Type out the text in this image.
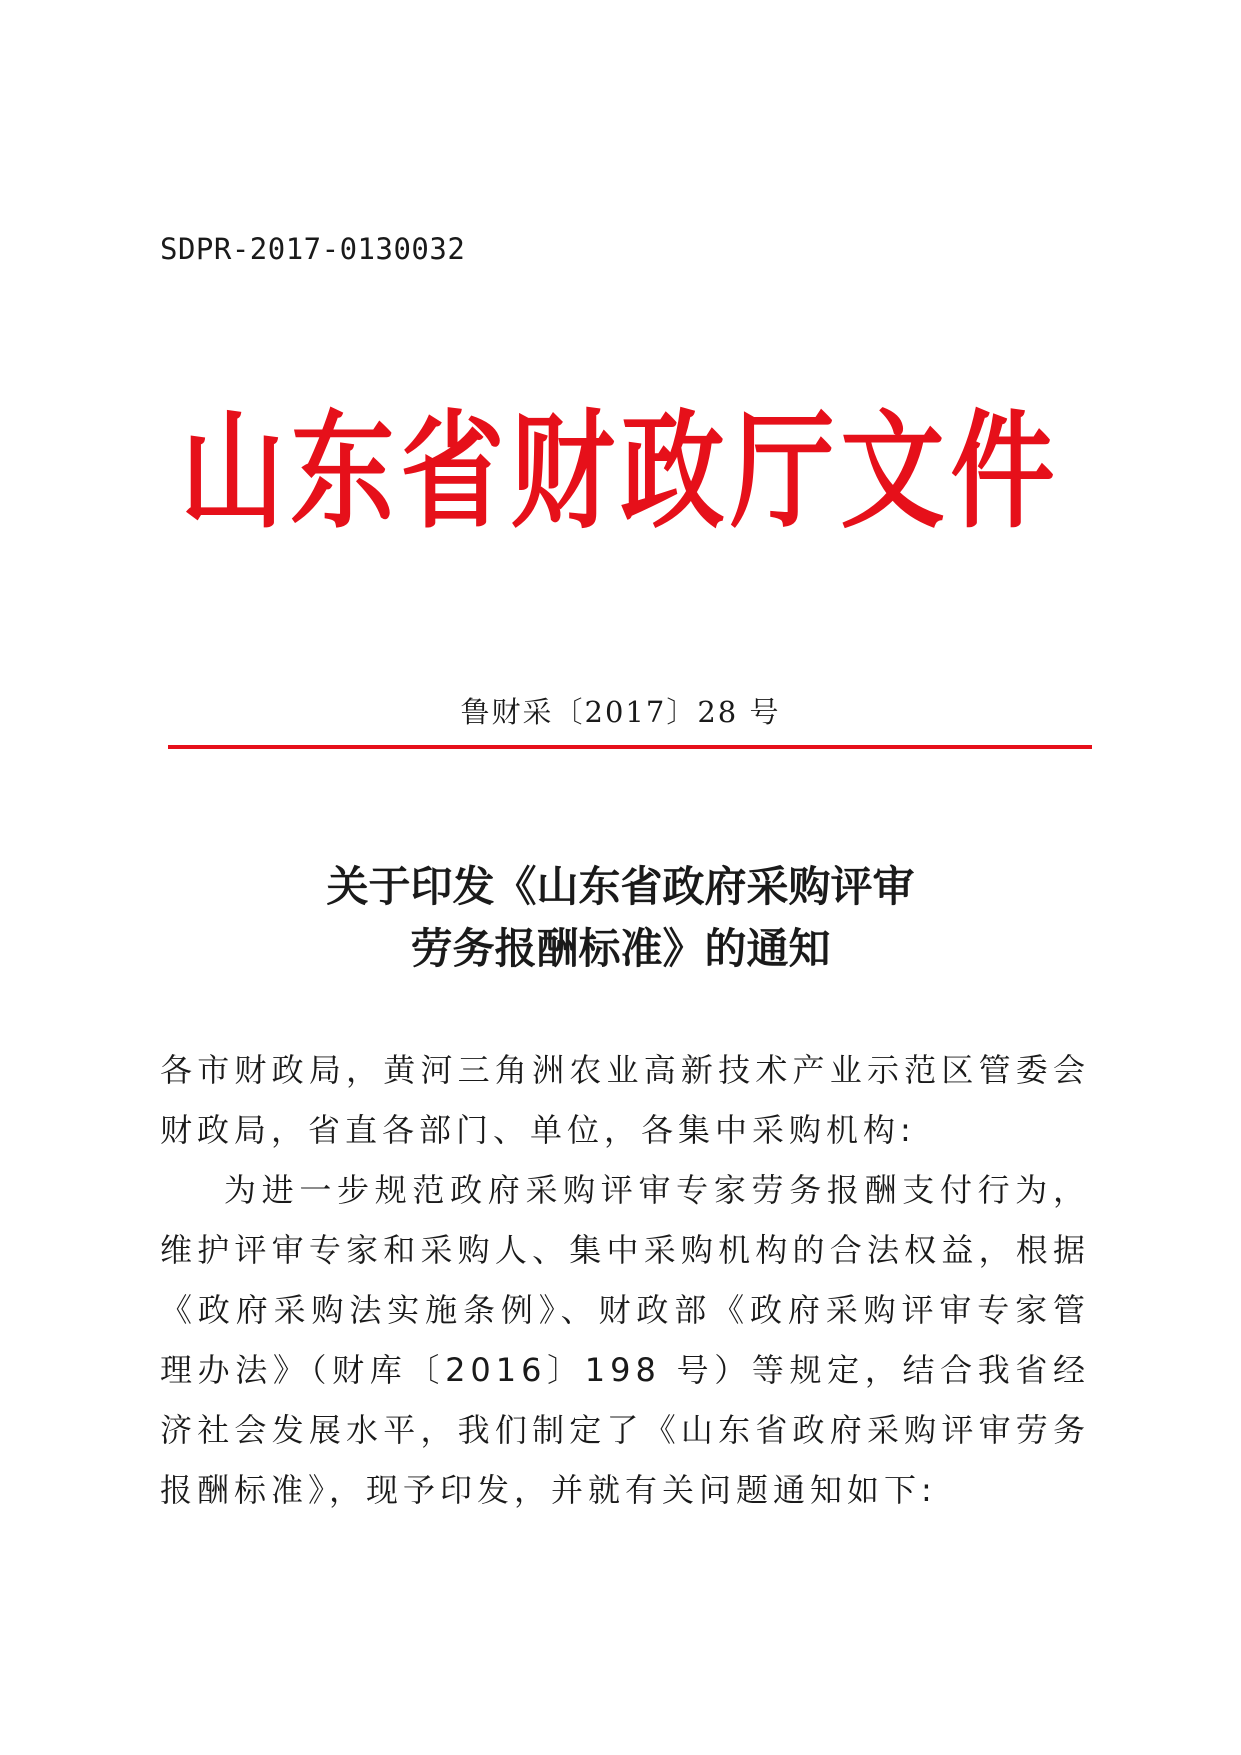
SDPR-2017-0130032
山东省财政厅文件
鲁财采〔2017〕28 号
关于印发《山东省政府采购评审
劳务报酬标准》的通知

各市财政局，黄河三角洲农业高新技术产业示范区管委会财政局，省直各部门、单位，各集中采购机构:

为进一步规范政府采购评审专家劳务报酬支付行为，维护评审专家和采购人、集中采购机构的合法权益，根据《政府采购法实施条例》、财政部《政府采购评审专家管理办法》（财库〔2016〕198 号）等规定，结合我省经济社会发展水平，我们制定了《山东省政府采购评审劳务报酬标准》，现予印发，并就有关问题通知如下:
